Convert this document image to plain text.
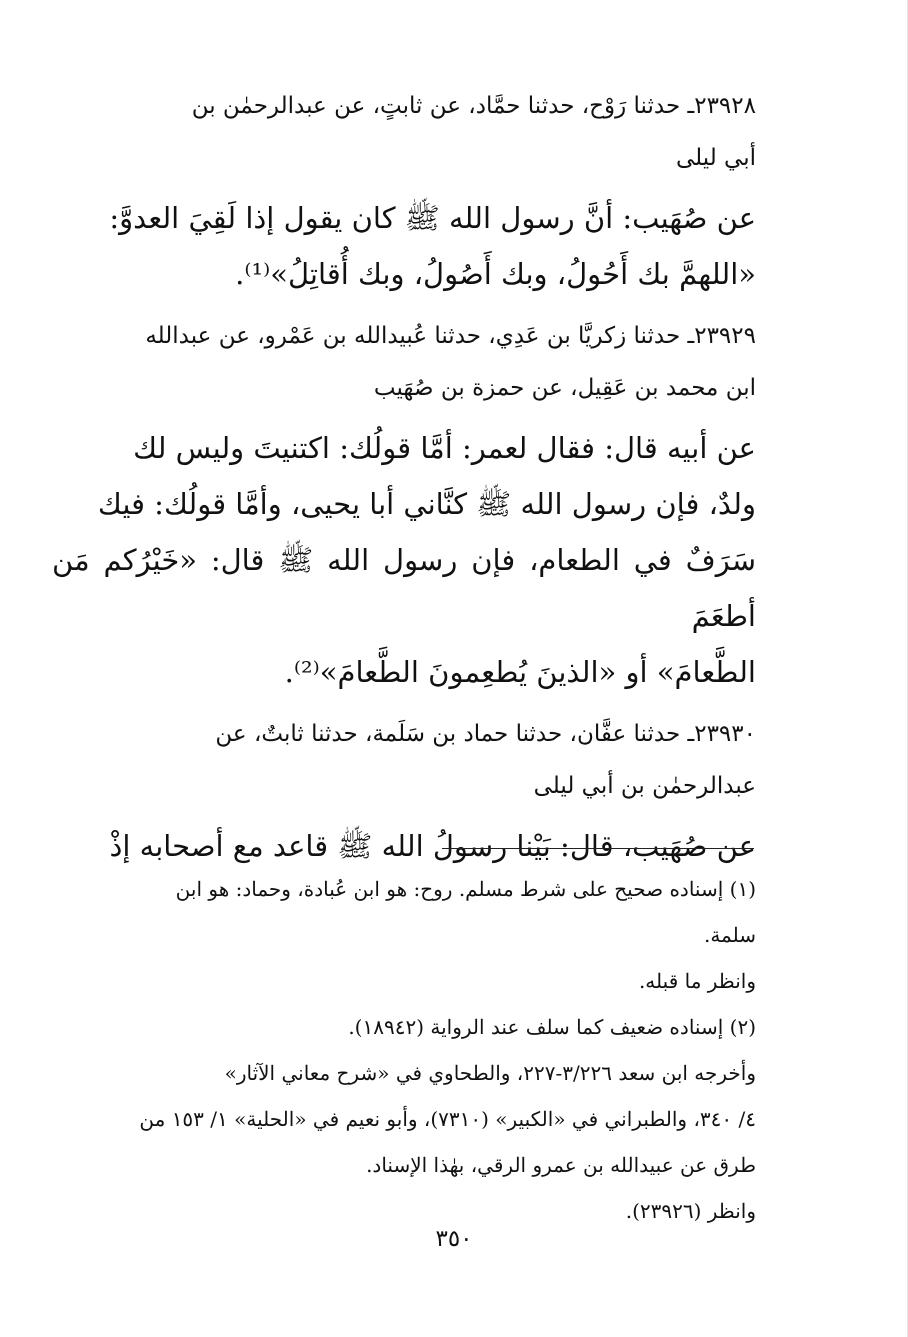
٢٣٩٢٨ـ حدثنا رَوْح، حدثنا حمَّاد، عن ثابتٍ، عن عبدالرحمٰن بن
أبي ليلى

عن صُهَيب: أنَّ رسول الله ﷺ كان يقول إذا لَقِيَ العدوَّ:
«اللهمَّ بك أَحُولُ، وبك أَصُولُ، وبك أُقاتِلُ»⁽¹⁾.

٢٣٩٢٩ـ حدثنا زكريَّا بن عَدِي، حدثنا عُبيدالله بن عَمْرو، عن عبدالله
ابن محمد بن عَقِيل، عن حمزة بن صُهَيب

عن أبيه قال: فقال لعمر: أمَّا قولُك: اكتنيتَ وليس لك
ولدٌ، فإن رسول الله ﷺ كنَّاني أبا يحيى، وأمَّا قولُك: فيك
سَرَفٌ في الطعام، فإن رسول الله ﷺ قال: «خَيْرُكم مَن أطعَمَ
الطَّعامَ» أو «الذينَ يُطعِمونَ الطَّعامَ»⁽²⁾.

٢٣٩٣٠ـ حدثنا عفَّان، حدثنا حماد بن سَلَمة، حدثنا ثابتٌ، عن
عبدالرحمٰن بن أبي ليلى

عن صُهَيب، قال: بَيْنا رسولُ الله ﷺ قاعد مع أصحابه إذْ

(١) إسناده صحيح على شرط مسلم. روح: هو ابن عُبادة، وحماد: هو ابن
سلمة.
وانظر ما قبله.

(٢) إسناده ضعيف كما سلف عند الرواية (١٨٩٤٢).
وأخرجه ابن سعد ٣/٢٢٦-٢٢٧، والطحاوي في «شرح معاني الآثار»
٤/ ٣٤٠، والطبراني في «الكبير» (٧٣١٠)، وأبو نعيم في «الحلية» ١/ ١٥٣ من
طرق عن عبيدالله بن عمرو الرقي، بهٰذا الإسناد.
وانظر (٢٣٩٢٦).

٣٥٠
